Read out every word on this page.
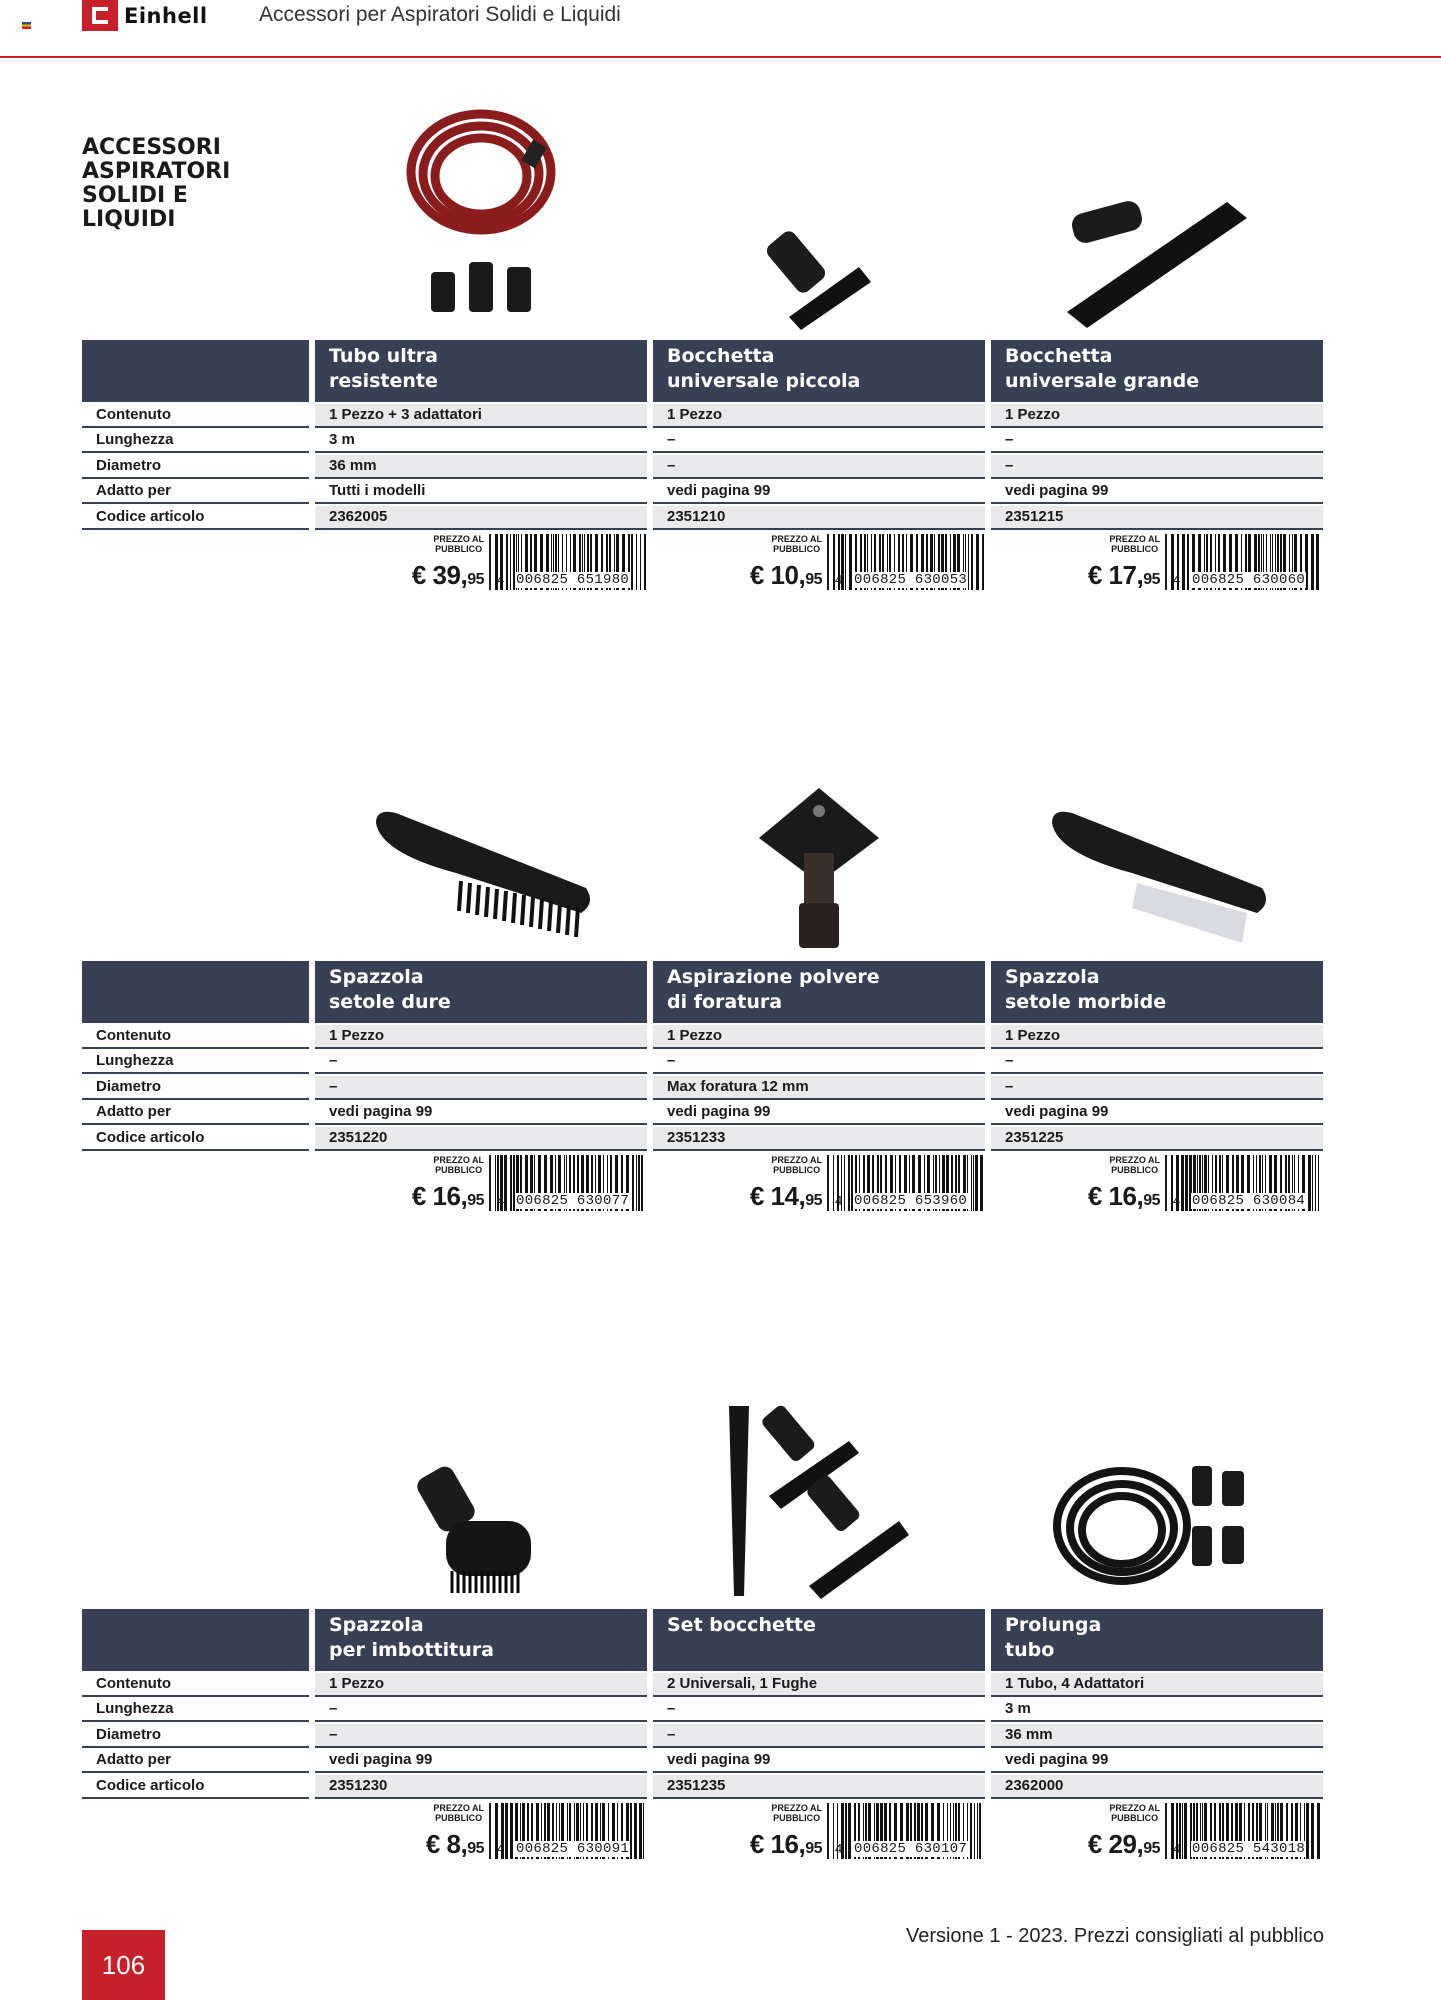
Einhell Accessori per Aspiratori Solidi e Liquidi
ACCESSORI
ASPIRATORI
SOLIDI E
LIQUIDI
Contenuto
Lunghezza
Diametro
Adatto per
Codice articolo
Tubo ultra
resistente
1 Pezzo + 3 adattatori
3 m
36 mm
Tutti i modelli
2362005
PREZZO AL
PUBBLICO
€ 39,95 4 006825 651980
Bocchetta
universale piccola
1 Pezzo
–
–
vedi pagina 99
2351210
PREZZO AL
PUBBLICO
€ 10,95 4 006825 630053
Bocchetta
universale grande
1 Pezzo
–
–
vedi pagina 99
2351215
PREZZO AL
PUBBLICO
€ 17,95 4 006825 630060
Contenuto
Lunghezza
Diametro
Adatto per
Codice articolo
Spazzola
setole dure
1 Pezzo
–
–
vedi pagina 99
2351220
PREZZO AL
PUBBLICO
€ 16,95 4 006825 630077
Aspirazione polvere
di foratura
1 Pezzo
–
Max foratura 12 mm
vedi pagina 99
2351233
PREZZO AL
PUBBLICO
€ 14,95 4 006825 653960
Spazzola
setole morbide
1 Pezzo
–
–
vedi pagina 99
2351225
PREZZO AL
PUBBLICO
€ 16,95 4 006825 630084
Contenuto
Lunghezza
Diametro
Adatto per
Codice articolo
Spazzola
per imbottitura
1 Pezzo
–
–
vedi pagina 99
2351230
PREZZO AL
PUBBLICO
€ 8,95 4 006825 630091
Set bocchette
2 Universali, 1 Fughe
–
–
vedi pagina 99
2351235
PREZZO AL
PUBBLICO
€ 16,95 4 006825 630107
Prolunga
tubo
1 Tubo, 4 Adattatori
3 m
36 mm
vedi pagina 99
2362000
PREZZO AL
PUBBLICO
€ 29,95 4 006825 543018
Versione 1 - 2023. Prezzi consigliati al pubblico
106
